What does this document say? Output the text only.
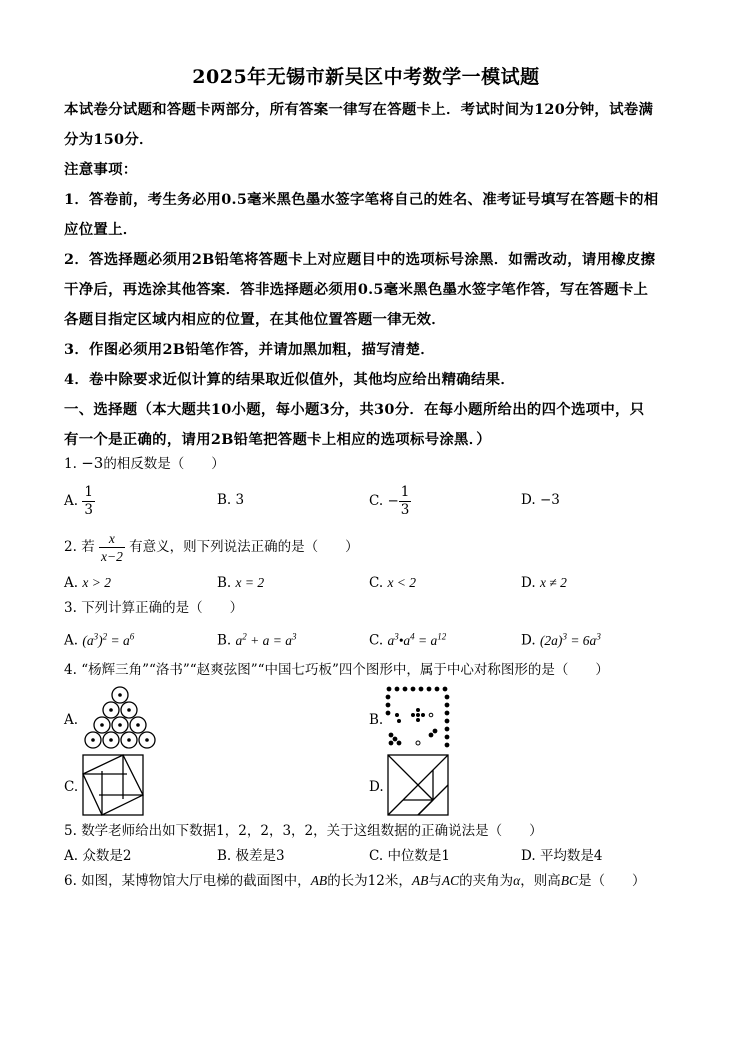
2025年无锡市新吴区中考数学一模试题
本试卷分试题和答题卡两部分，所有答案一律写在答题卡上．考试时间为120分钟，试卷满
分为150分．
注意事项：
1．答卷前，考生务必用0.5毫米黑色墨水签字笔将自己的姓名、准考证号填写在答题卡的相
应位置上．
2．答选择题必须用2B铅笔将答题卡上对应题目中的选项标号涂黑．如需改动，请用橡皮擦
干净后，再选涂其他答案．答非选择题必须用0.5毫米黑色墨水签字笔作答，写在答题卡上
各题目指定区域内相应的位置，在其他位置答题一律无效．
3．作图必须用2B铅笔作答，并请加黑加粗，描写清楚．
4．卷中除要求近似计算的结果取近似值外，其他均应给出精确结果．
一、选择题（本大题共10小题，每小题3分，共30分．在每小题所给出的四个选项中，只
有一个是正确的，请用2B铅笔把答题卡上相应的选项标号涂黑．）
1. −3的相反数是（　　）
A. $\frac{1}{3}$	B. 3	C. − $\frac{1}{3}$	D. −3
2. 若 $\frac{x}{x-2}$ 有意义，则下列说法正确的是（　　）
A. x > 2	B. x = 2	C. x < 2	D. x ≠ 2
3. 下列计算正确的是（　　）
A. $(a^3)^2 = a^6$	B. $a^2 + a = a^3$	C. $a^3•a^4 = a^{12}$	D. $(2a)^3 = 6a^3$
4. “杨辉三角”“洛书”“赵爽弦图”“中国七巧板”四个图形中，属于中心对称图形的是（　　）
A.	B.
C.	D.
5. 数学老师给出如下数据1，2，2，3，2，关于这组数据的正确说法是（　　）
A. 众数是2	B. 极差是3	C. 中位数是1	D. 平均数是4
6. 如图，某博物馆大厅电梯的截面图中，AB的长为12米，AB与AC的夹角为α，则高BC是（　　）
